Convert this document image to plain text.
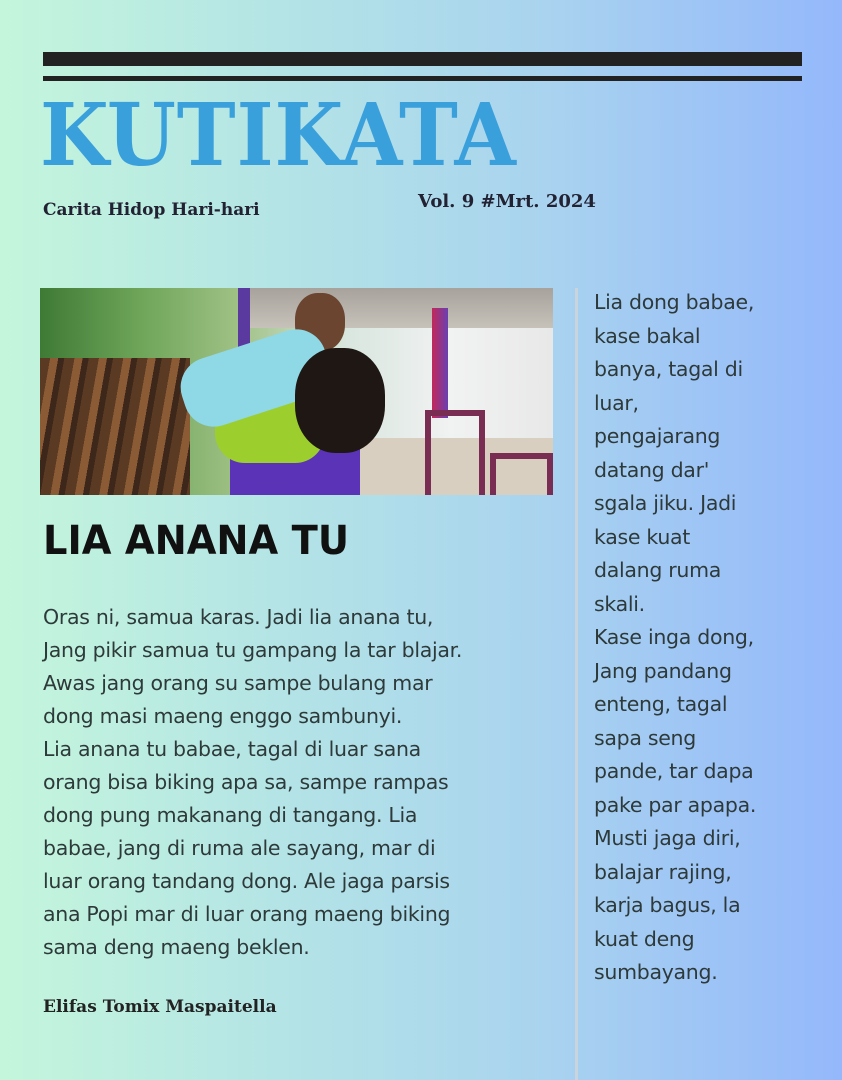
KUTIKATA
Carita Hidop Hari-hari	Vol. 9 #Mrt. 2024
LIA ANANA TU
Oras ni, samua karas. Jadi lia anana tu,
Jang pikir samua tu gampang la tar blajar.
Awas jang orang su sampe bulang mar
dong masi maeng enggo sambunyi.
Lia anana tu babae, tagal di luar sana
orang bisa biking apa sa, sampe rampas
dong pung makanang di tangang. Lia
babae, jang di ruma ale sayang, mar di
luar orang tandang dong. Ale jaga parsis
ana Popi mar di luar orang maeng biking
sama deng maeng beklen.
Elifas Tomix Maspaitella
Lia dong babae,
kase bakal
banya, tagal di
luar,
pengajarang
datang dar'
sgala jiku. Jadi
kase kuat
dalang ruma
skali.
Kase inga dong,
Jang pandang
enteng, tagal
sapa seng
pande, tar dapa
pake par apapa.
Musti jaga diri,
balajar rajing,
karja bagus, la
kuat deng
sumbayang.
